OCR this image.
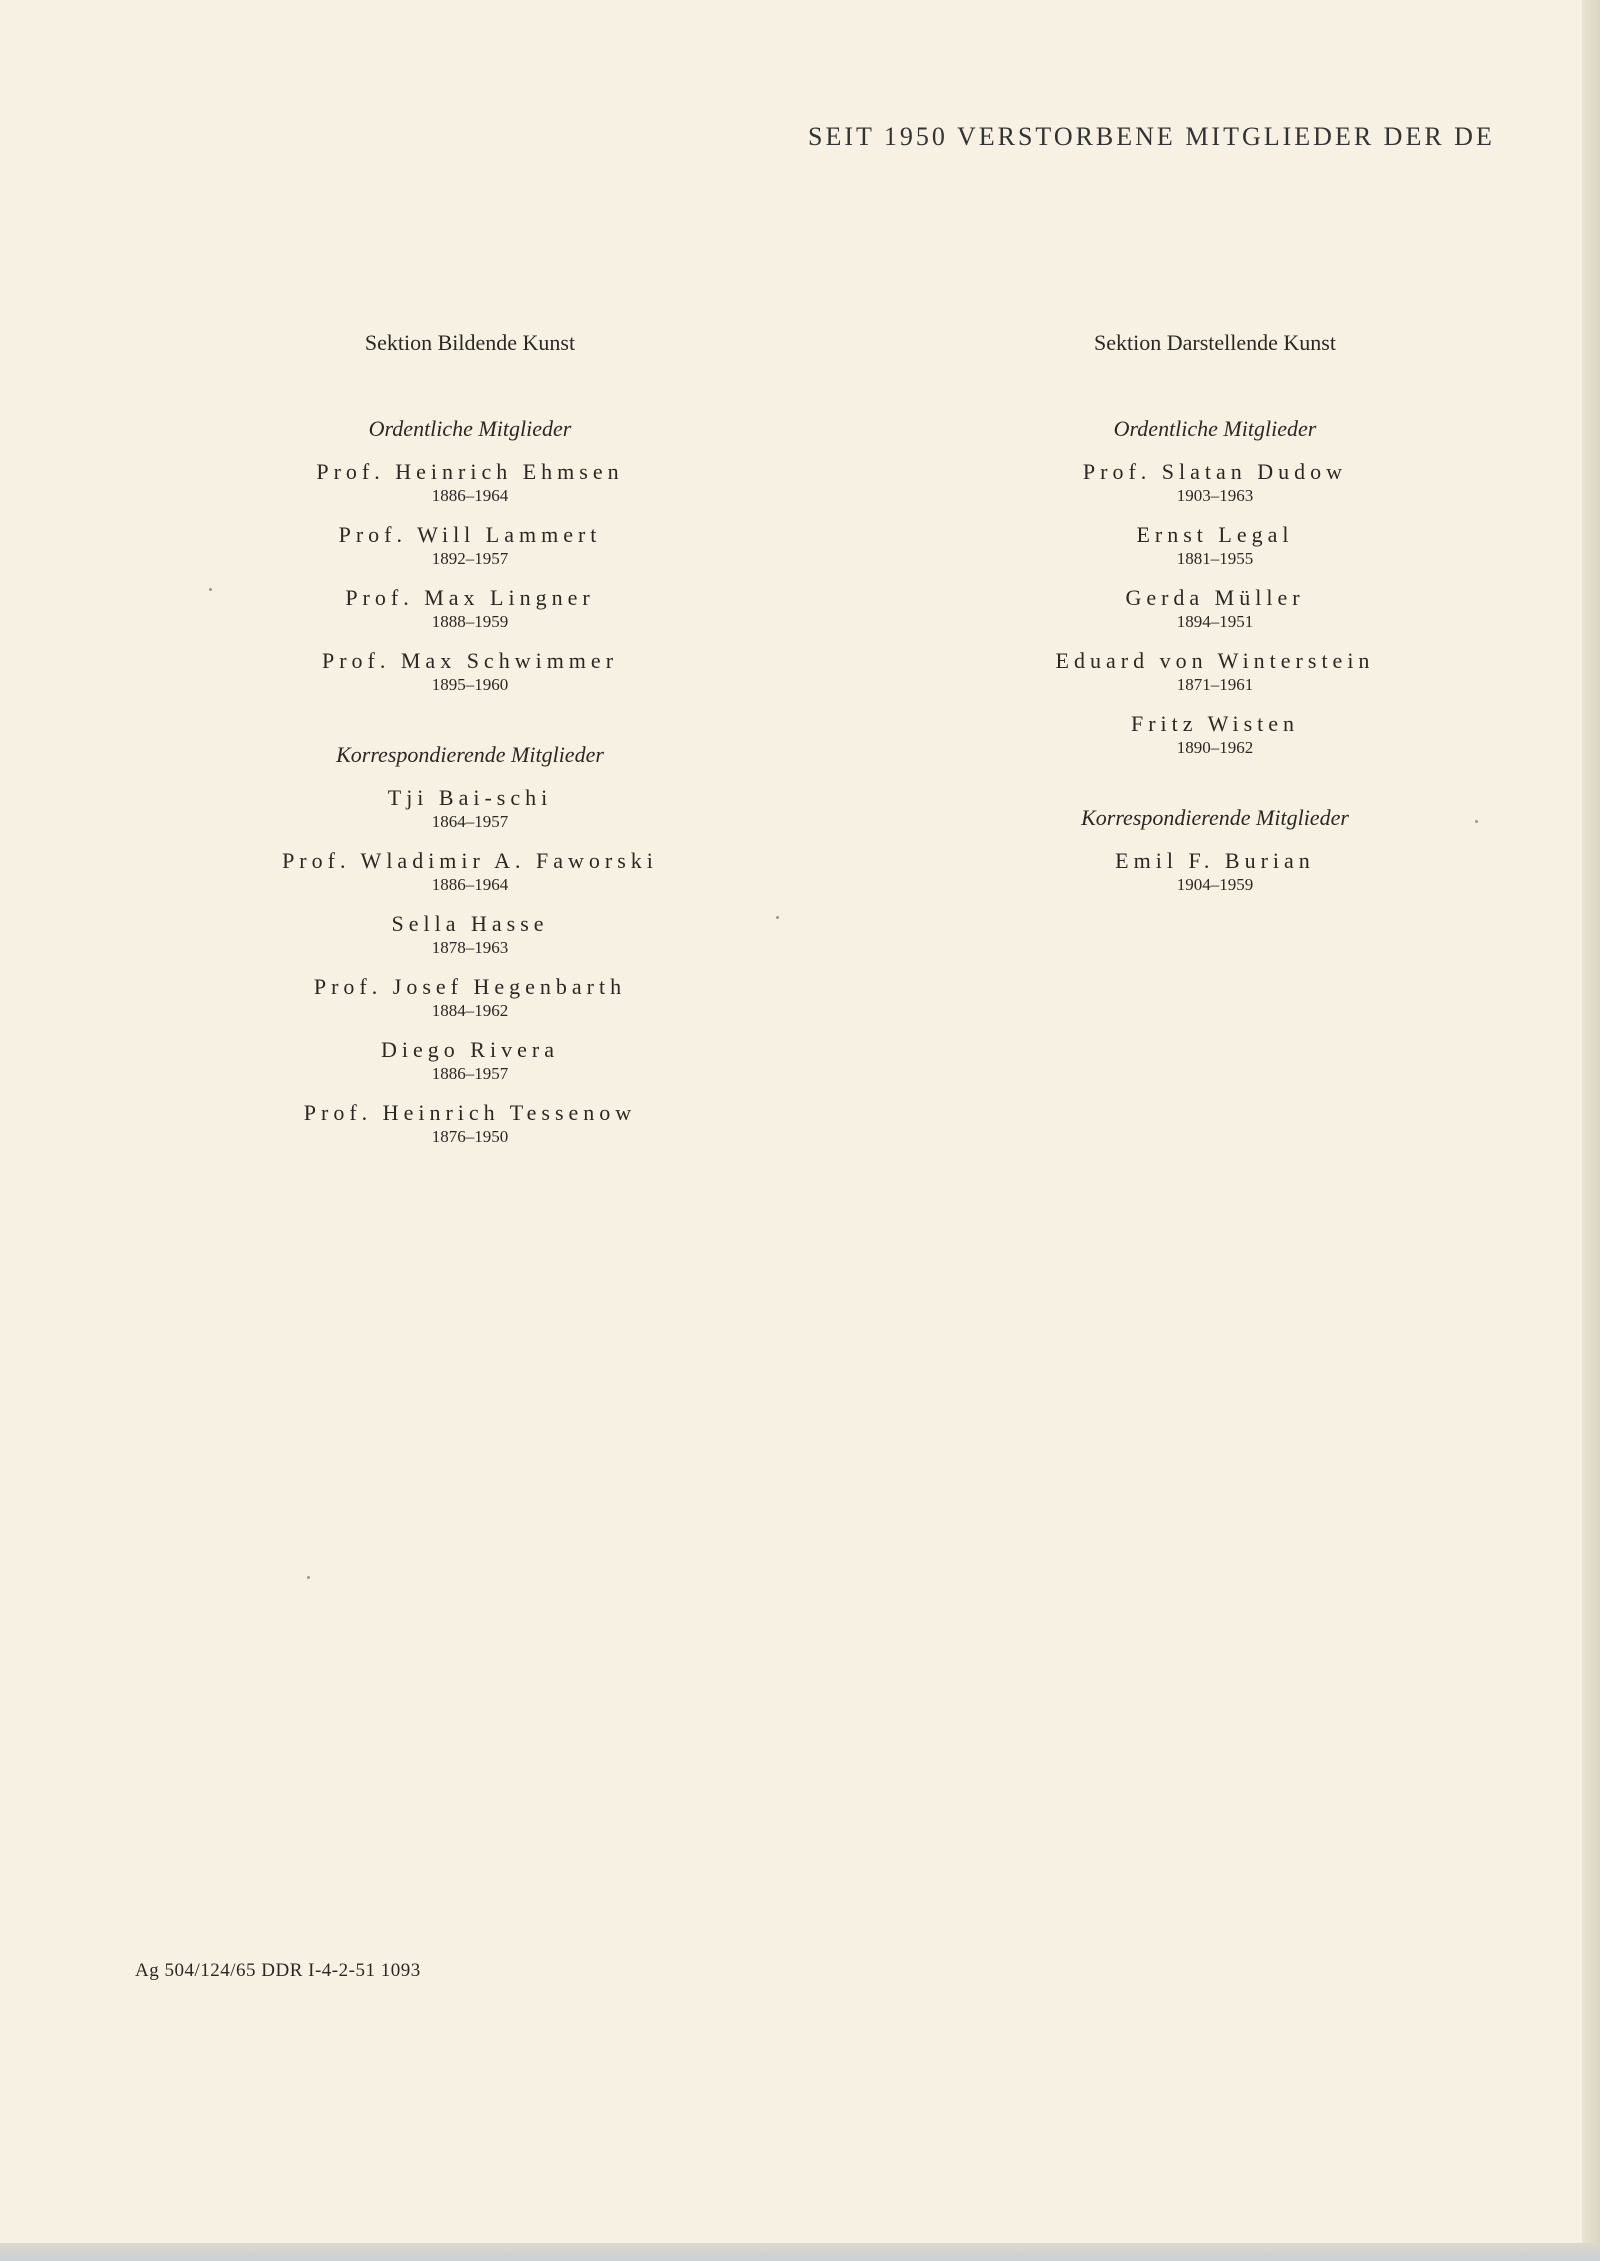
SEIT 1950 VERSTORBENE MITGLIEDER DER DE
Sektion Bildende Kunst
Ordentliche Mitglieder
Prof. Heinrich Ehmsen
1886–1964
Prof. Will Lammert
1892–1957
Prof. Max Lingner
1888–1959
Prof. Max Schwimmer
1895–1960
Korrespondierende Mitglieder
Tji Bai-schi
1864–1957
Prof. Wladimir A. Faworski
1886–1964
Sella Hasse
1878–1963
Prof. Josef Hegenbarth
1884–1962
Diego Rivera
1886–1957
Prof. Heinrich Tessenow
1876–1950
Sektion Darstellende Kunst
Ordentliche Mitglieder
Prof. Slatan Dudow
1903–1963
Ernst Legal
1881–1955
Gerda Müller
1894–1951
Eduard von Winterstein
1871–1961
Fritz Wisten
1890–1962
Korrespondierende Mitglieder
Emil F. Burian
1904–1959
Ag 504/124/65 DDR I-4-2-51 1093
